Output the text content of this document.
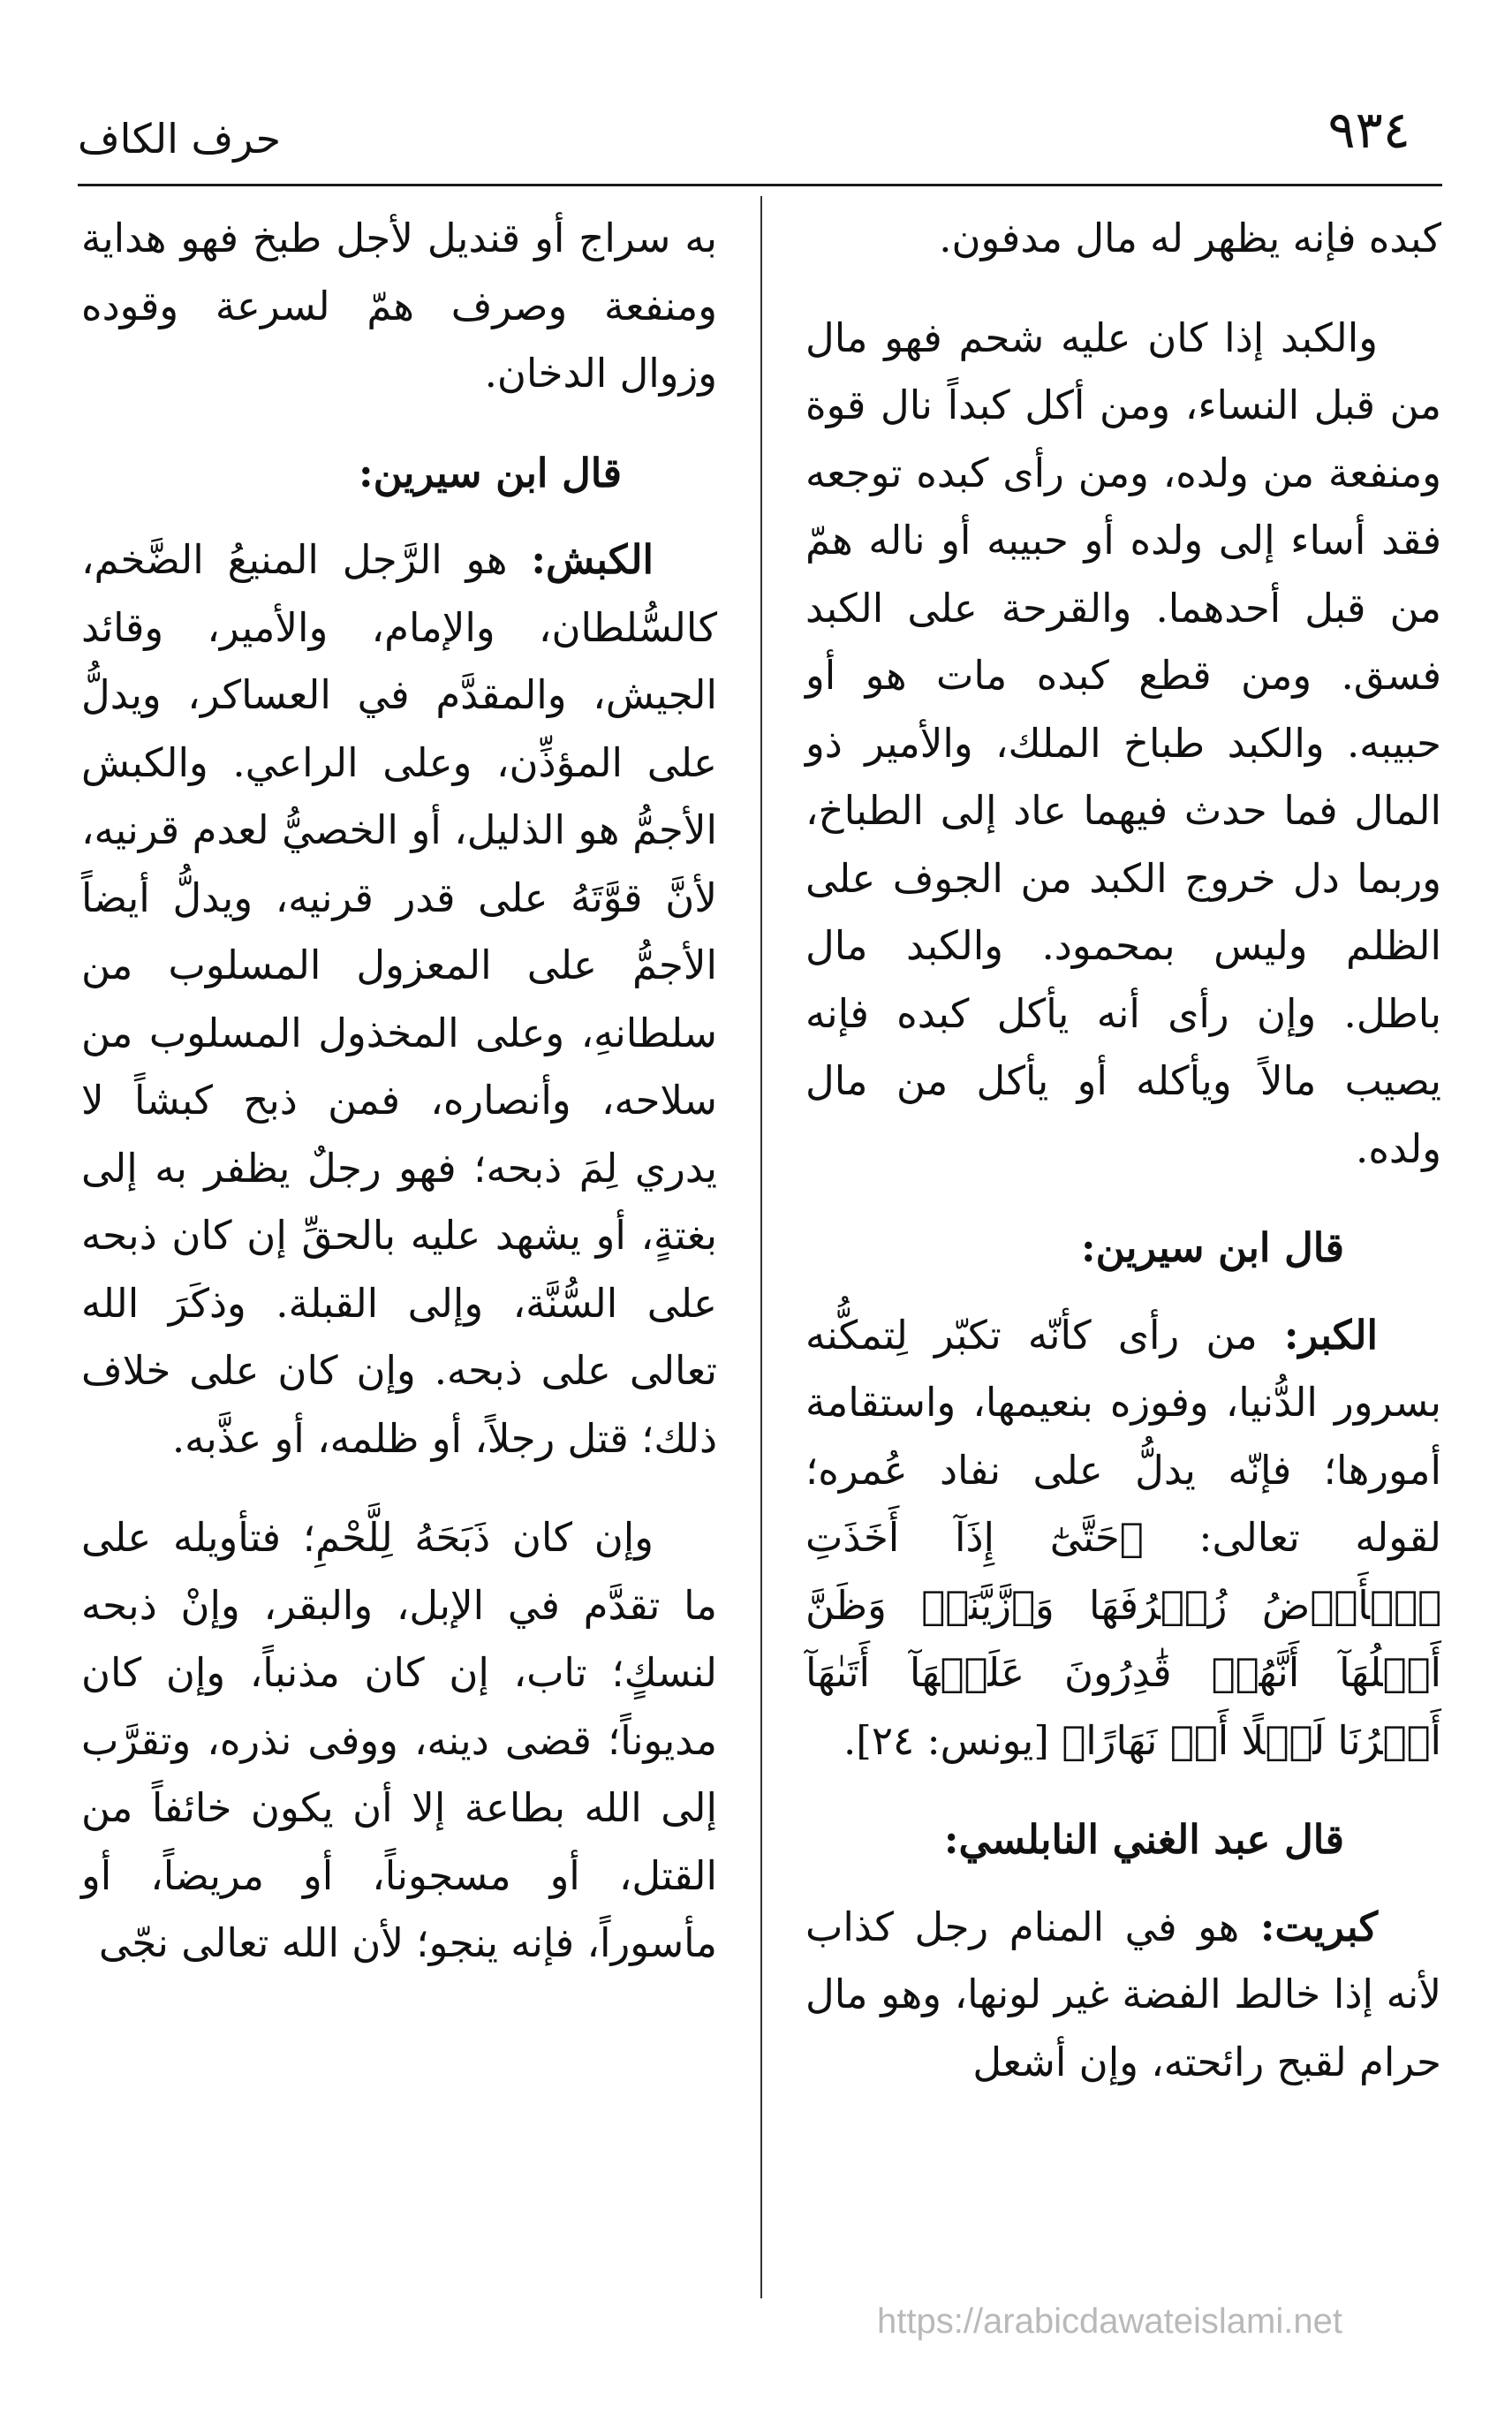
٩٣٤
حرف الكاف

كبده فإنه يظهر له مال مدفون.

والكبد إذا كان عليه شحم فهو مال من قبل النساء، ومن أكل كبداً نال قوة ومنفعة من ولده، ومن رأى كبده توجعه فقد أساء إلى ولده أو حبيبه أو ناله همّ من قبل أحدهما. والقرحة على الكبد فسق. ومن قطع كبده مات هو أو حبيبه. والكبد طباخ الملك، والأمير ذو المال فما حدث فيهما عاد إلى الطباخ، وربما دل خروج الكبد من الجوف على الظلم وليس بمحمود. والكبد مال باطل. وإن رأى أنه يأكل كبده فإنه يصيب مالاً ويأكله أو يأكل من مال ولده.

قال ابن سيرين:

الكبر: من رأى كأنّه تكبّر لِتمكُّنه بسرور الدُّنيا، وفوزه بنعيمها، واستقامة أمورها؛ فإنّه يدلُّ على نفاد عُمره؛ لقوله تعالى: ﴿حَتَّىٰٓ إِذَآ أَخَذَتِ ٱلۡأَرۡضُ زُخۡرُفَهَا وَٱزَّيَّنَتۡ وَظَنَّ أَهۡلُهَآ أَنَّهُمۡ قَٰدِرُونَ عَلَيۡهَآ أَتَىٰهَآ أَمۡرُنَا لَيۡلًا أَوۡ نَهَارًا﴾ [يونس: ٢٤].

قال عبد الغني النابلسي:

كبريت: هو في المنام رجل كذاب لأنه إذا خالط الفضة غير لونها، وهو مال حرام لقبح رائحته، وإن أشعل

به سراج أو قنديل لأجل طبخ فهو هداية ومنفعة وصرف همّ لسرعة وقوده وزوال الدخان.

قال ابن سيرين:

الكبش: هو الرَّجل المنيعُ الضَّخم، كالسُّلطان، والإمام، والأمير، وقائد الجيش، والمقدَّم في العساكر، ويدلُّ على المؤذِّن، وعلى الراعي. والكبش الأجمُّ هو الذليل، أو الخصيُّ لعدم قرنيه، لأنَّ قوَّتَهُ على قدر قرنيه، ويدلُّ أيضاً الأجمُّ على المعزول المسلوب من سلطانهِ، وعلى المخذول المسلوب من سلاحه، وأنصاره، فمن ذبح كبشاً لا يدري لِمَ ذبحه؛ فهو رجلٌ يظفر به إلى بغتةٍ، أو يشهد عليه بالحقِّ إن كان ذبحه على السُّنَّة، وإلى القبلة. وذكَرَ الله تعالى على ذبحه. وإن كان على خلاف ذلك؛ قتل رجلاً، أو ظلمه، أو عذَّبه.

وإن كان ذَبَحَهُ لِلَّحْمِ؛ فتأويله على ما تقدَّم في الإبل، والبقر، وإنْ ذبحه لنسكٍ؛ تاب، إن كان مذنباً، وإن كان مديوناً؛ قضى دينه، ووفى نذره، وتقرَّب إلى الله بطاعة إلا أن يكون خائفاً من القتل، أو مسجوناً، أو مريضاً، أو مأسوراً، فإنه ينجو؛ لأن الله تعالى نجّى

https://arabicdawateislami.net
